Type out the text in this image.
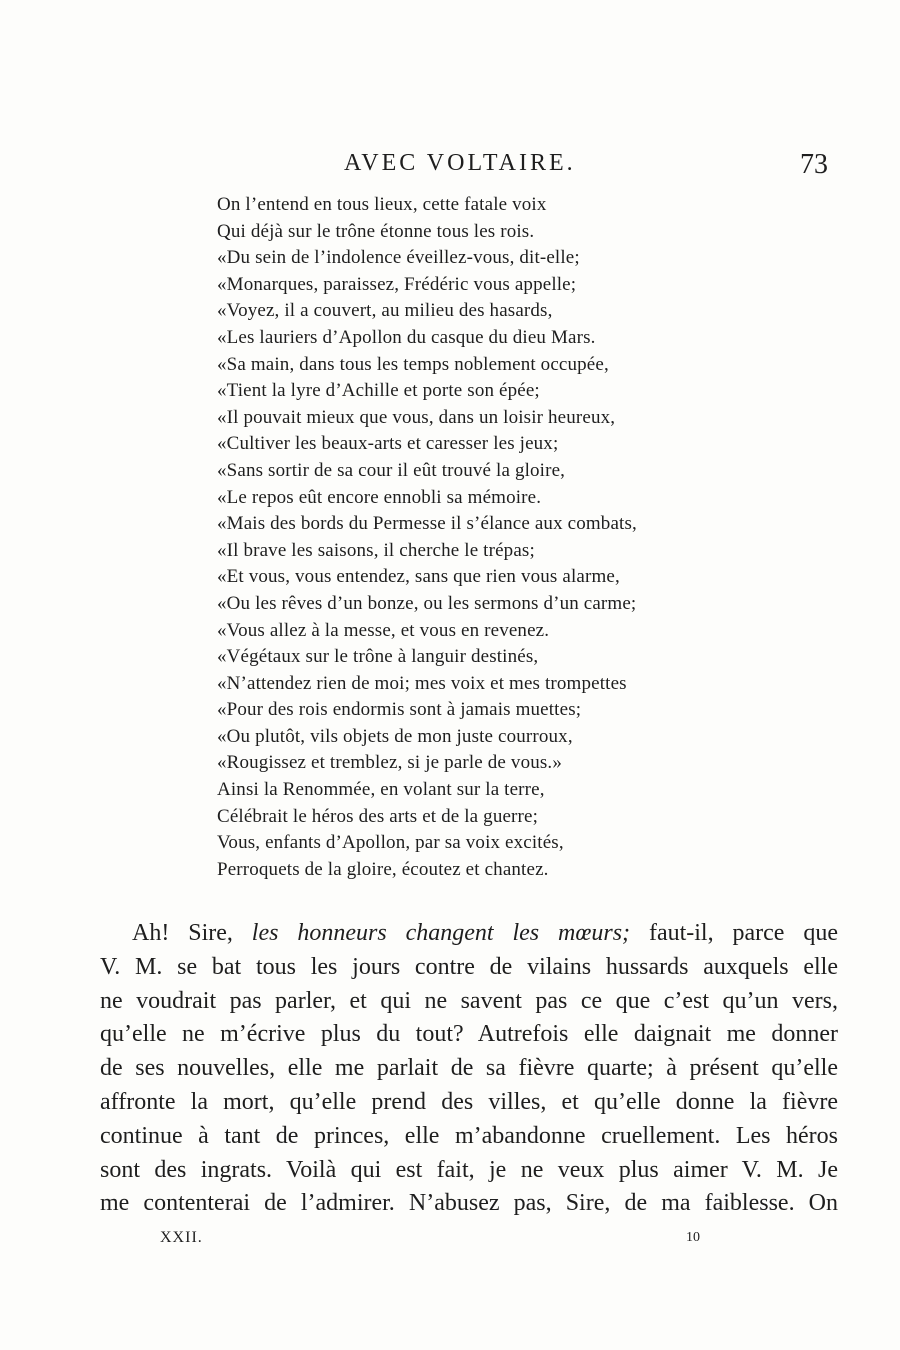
AVEC VOLTAIRE.	73
On l’entend en tous lieux, cette fatale voix
Qui déjà sur le trône étonne tous les rois.
«Du sein de l’indolence éveillez-vous, dit-elle;
«Monarques, paraissez, Frédéric vous appelle;
«Voyez, il a couvert, au milieu des hasards,
«Les lauriers d’Apollon du casque du dieu Mars.
«Sa main, dans tous les temps noblement occupée,
«Tient la lyre d’Achille et porte son épée;
«Il pouvait mieux que vous, dans un loisir heureux,
«Cultiver les beaux-arts et caresser les jeux;
«Sans sortir de sa cour il eût trouvé la gloire,
«Le repos eût encore ennobli sa mémoire.
«Mais des bords du Permesse il s’élance aux combats,
«Il brave les saisons, il cherche le trépas;
«Et vous, vous entendez, sans que rien vous alarme,
«Ou les rêves d’un bonze, ou les sermons d’un carme;
«Vous allez à la messe, et vous en revenez.
«Végétaux sur le trône à languir destinés,
«N’attendez rien de moi; mes voix et mes trompettes
«Pour des rois endormis sont à jamais muettes;
«Ou plutôt, vils objets de mon juste courroux,
«Rougissez et tremblez, si je parle de vous.»
Ainsi la Renommée, en volant sur la terre,
Célébrait le héros des arts et de la guerre;
Vous, enfants d’Apollon, par sa voix excités,
Perroquets de la gloire, écoutez et chantez.
Ah! Sire, les honneurs changent les mœurs; faut-il, parce que
V. M. se bat tous les jours contre de vilains hussards auxquels elle
ne voudrait pas parler, et qui ne savent pas ce que c’est qu’un vers,
qu’elle ne m’écrive plus du tout? Autrefois elle daignait me donner
de ses nouvelles, elle me parlait de sa fièvre quarte; à présent qu’elle
affronte la mort, qu’elle prend des villes, et qu’elle donne la fièvre
continue à tant de princes, elle m’abandonne cruellement. Les héros
sont des ingrats. Voilà qui est fait, je ne veux plus aimer V. M. Je
me contenterai de l’admirer. N’abusez pas, Sire, de ma faiblesse. On
XXII.	10
